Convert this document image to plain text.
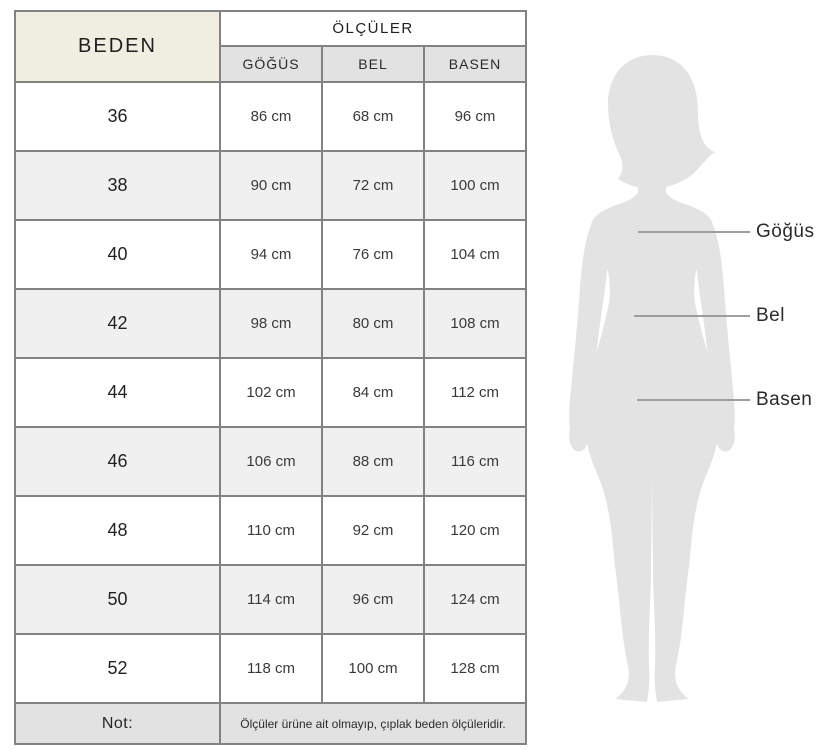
BEDEN	ÖLÇÜLER		
	GÖĞÜS	BEL	BASEN
36	86 cm	68 cm	96 cm
38	90 cm	72 cm	100 cm
40	94 cm	76 cm	104 cm
42	98 cm	80 cm	108 cm
44	102 cm	84 cm	112 cm
46	106 cm	88 cm	116 cm
48	110 cm	92 cm	120 cm
50	114 cm	96 cm	124 cm
52	118 cm	100 cm	128 cm
Not:	Ölçüler ürüne ait olmayıp, çıplak beden ölçüleridir.		
Göğüs
Bel
Basen
